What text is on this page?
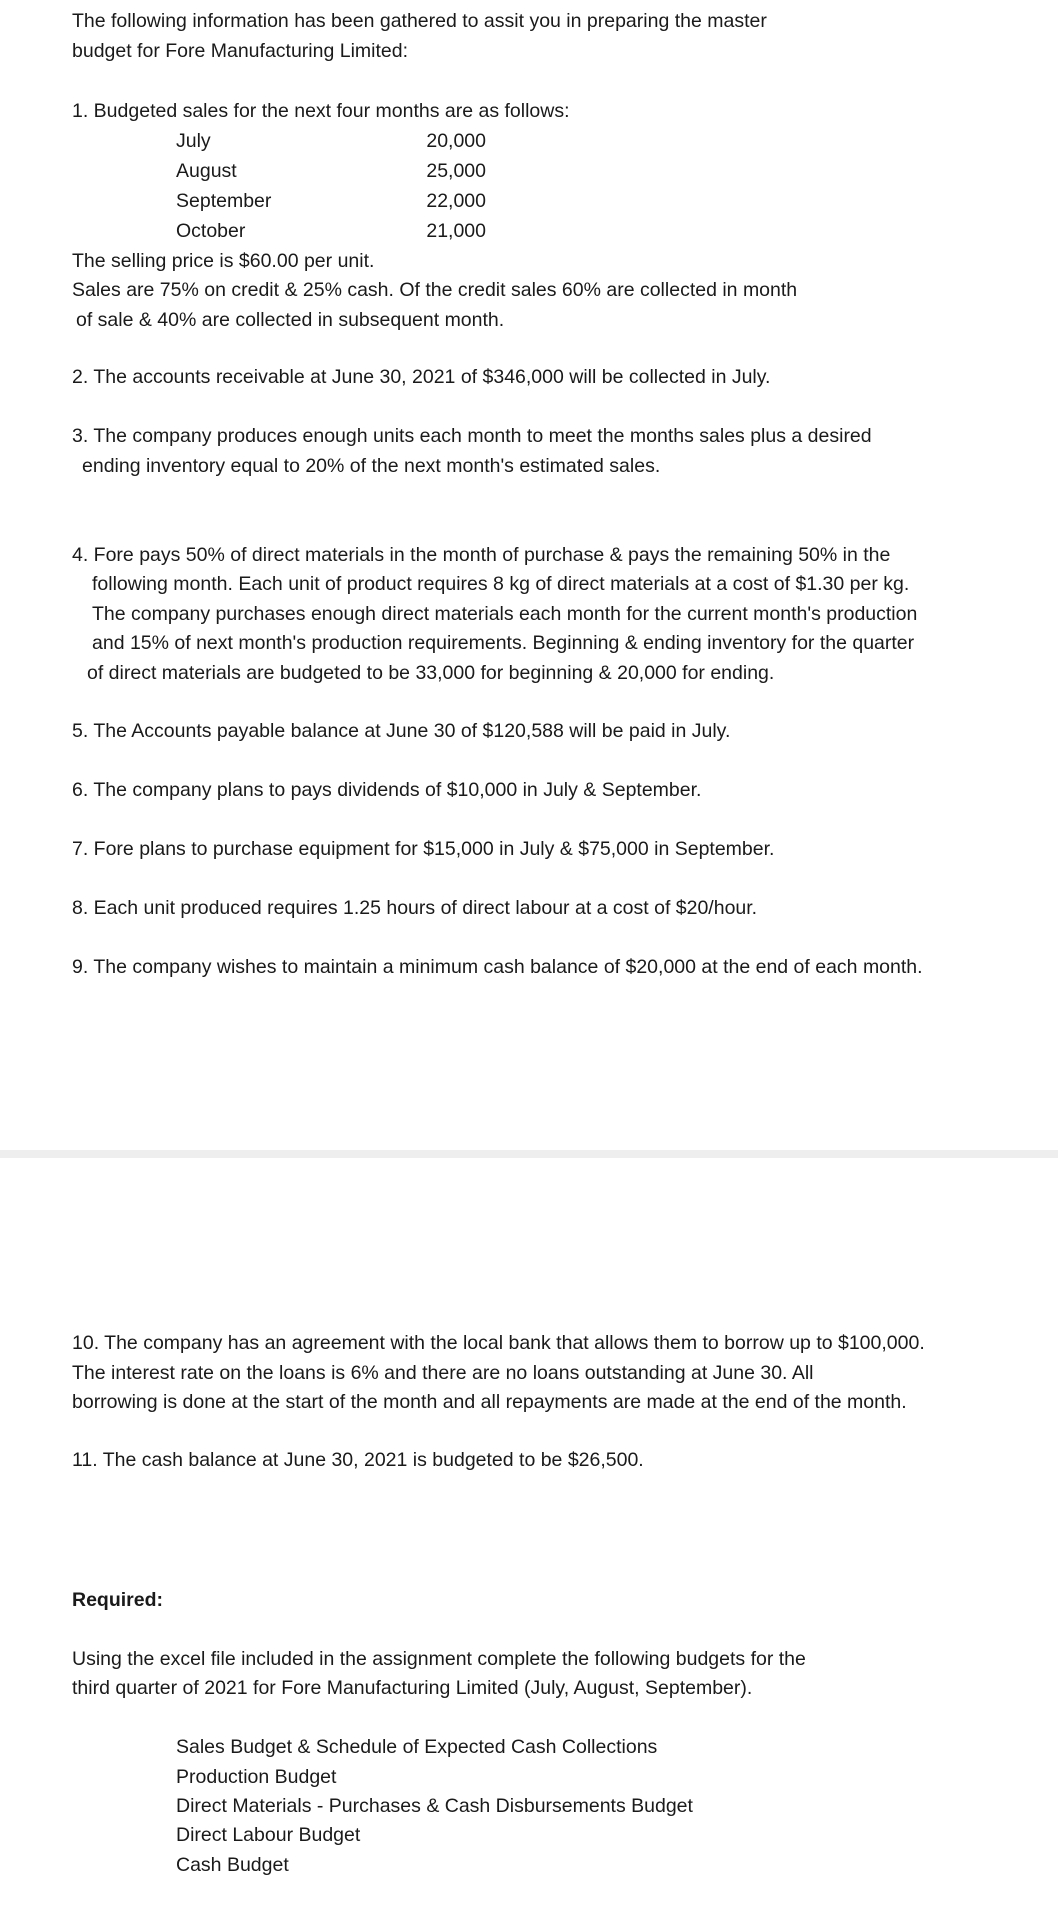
The following information has been gathered to assit you in preparing the master

budget for Fore Manufacturing Limited:

1. Budgeted sales for the next four months are as follows:

July	20,000
August	25,000
September	22,000
October	21,000

The selling price is $60.00 per unit.

Sales are 75% on credit & 25% cash. Of the credit sales 60% are collected in month

of sale & 40% are collected in subsequent month.

2. The accounts receivable at June 30, 2021 of $346,000 will be collected in July.

3. The company produces enough units each month to meet the months sales plus a desired

ending inventory equal to 20% of the next month's estimated sales.

4. Fore pays 50% of direct materials in the month of purchase & pays the remaining 50% in the

following month. Each unit of product requires 8 kg of direct materials at a cost of $1.30 per kg.

The company purchases enough direct materials each month for the current month's production

and 15% of next month's production requirements. Beginning & ending inventory for the quarter

of direct materials are budgeted to be 33,000 for beginning & 20,000 for ending.

5. The Accounts payable balance at June 30 of $120,588 will be paid in July.

6. The company plans to pays dividends of $10,000 in July & September.

7. Fore plans to purchase equipment for $15,000 in July & $75,000 in September.

8. Each unit produced requires 1.25 hours of direct labour at a cost of $20/hour.

9. The company wishes to maintain a minimum cash balance of $20,000 at the end of each month.

10. The company has an agreement with the local bank that allows them to borrow up to $100,000.

The interest rate on the loans is 6% and there are no loans outstanding at June 30. All

borrowing is done at the start of the month and all repayments are made at the end of the month.

11. The cash balance at June 30, 2021 is budgeted to be $26,500.

Required:

Using the excel file included in the assignment complete the following budgets for the

third quarter of 2021 for Fore Manufacturing Limited (July, August, September).

Sales Budget & Schedule of Expected Cash Collections

Production Budget

Direct Materials - Purchases & Cash Disbursements Budget

Direct Labour Budget

Cash Budget
